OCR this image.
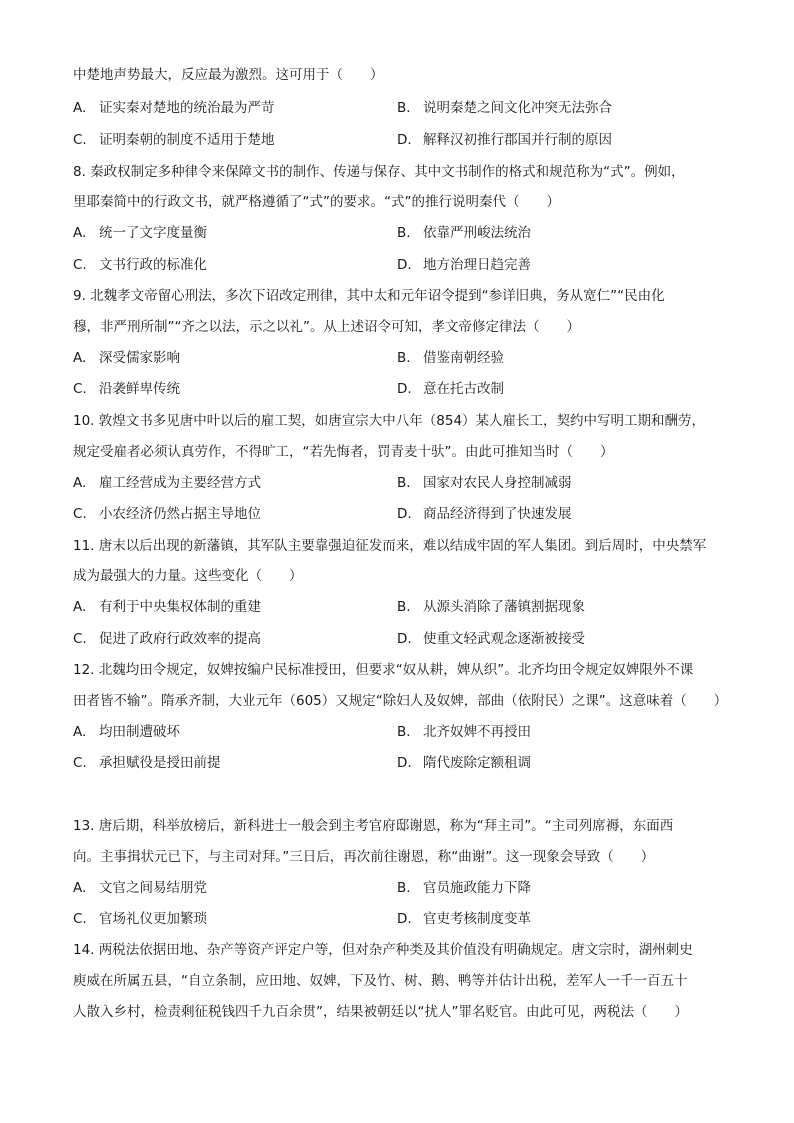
中楚地声势最大，反应最为激烈。这可用于（　　）
A. 证实秦对楚地的统治最为严苛	B. 说明秦楚之间文化冲突无法弥合
C. 证明秦朝的制度不适用于楚地	D. 解释汉初推行郡国并行制的原因
8. 秦政权制定多种律令来保障文书的制作、传递与保存、其中文书制作的格式和规范称为“式”。例如，
里耶秦简中的行政文书，就严格遵循了“式”的要求。“式”的推行说明秦代（　　）
A. 统一了文字度量衡	B. 依靠严刑峻法统治
C. 文书行政的标准化	D. 地方治理日趋完善
9. 北魏孝文帝留心刑法，多次下诏改定刑律，其中太和元年诏令提到“参详旧典，务从宽仁”“民由化
穆，非严刑所制”“齐之以法，示之以礼”。从上述诏令可知，孝文帝修定律法（　　）
A. 深受儒家影响	B. 借鉴南朝经验
C. 沿袭鲜卑传统	D. 意在托古改制
10. 敦煌文书多见唐中叶以后的雇工契，如唐宣宗大中八年（854）某人雇长工，契约中写明工期和酬劳，
规定受雇者必须认真劳作，不得旷工，“若先悔者，罚青麦十驮”。由此可推知当时（　　）
A. 雇工经营成为主要经营方式	B. 国家对农民人身控制减弱
C. 小农经济仍然占据主导地位	D. 商品经济得到了快速发展
11. 唐末以后出现的新藩镇，其军队主要靠强迫征发而来，难以结成牢固的军人集团。到后周时，中央禁军
成为最强大的力量。这些变化（　　）
A. 有利于中央集权体制的重建	B. 从源头消除了藩镇割据现象
C. 促进了政府行政效率的提高	D. 使重文轻武观念逐渐被接受
12. 北魏均田令规定，奴婢按编户民标准授田，但要求“奴从耕，婢从织”。北齐均田令规定奴婢限外不课
田者皆不输”。隋承齐制，大业元年（605）又规定“除妇人及奴婢，部曲（依附民）之课”。这意味着（　　）
A. 均田制遭破坏	B. 北齐奴婢不再授田
C. 承担赋役是授田前提	D. 隋代废除定额租调
13. 唐后期，科举放榜后，新科进士一般会到主考官府邸谢恩，称为“拜主司”。“主司列席褥，东面西
向。主事揖状元已下，与主司对拜。”三日后，再次前往谢恩，称“曲谢”。这一现象会导致（　　）
A. 文官之间易结朋党	B. 官员施政能力下降
C. 官场礼仪更加繁琐	D. 官吏考核制度变革
14. 两税法依据田地、杂产等资产评定户等，但对杂产种类及其价值没有明确规定。唐文宗时，湖州刺史
庾威在所属五县，“自立条制，应田地、奴婢，下及竹、树、鹅、鸭等并估计出税，差军人一千一百五十
人散入乡村，检责剩征税钱四千九百余贯”，结果被朝廷以“扰人”罪名贬官。由此可见，两税法（　　）
